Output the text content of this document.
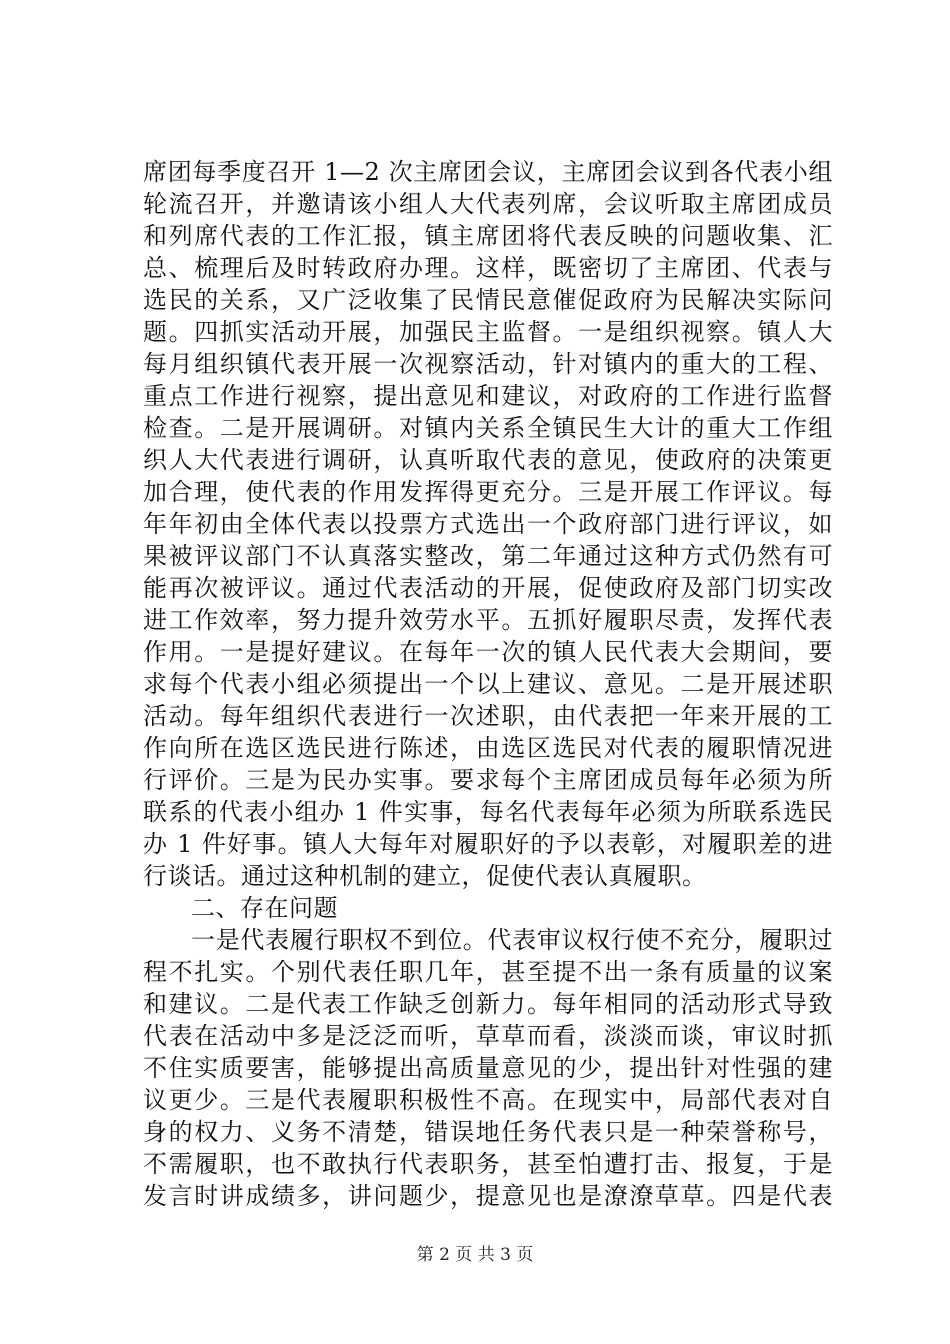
席团每季度召开 1—2 次主席团会议，主席团会议到各代表小组
轮流召开，并邀请该小组人大代表列席，会议听取主席团成员
和列席代表的工作汇报，镇主席团将代表反映的问题收集、汇
总、梳理后及时转政府办理。这样，既密切了主席团、代表与
选民的关系，又广泛收集了民情民意催促政府为民解决实际问
题。四抓实活动开展，加强民主监督。一是组织视察。镇人大
每月组织镇代表开展一次视察活动，针对镇内的重大的工程、
重点工作进行视察，提出意见和建议，对政府的工作进行监督
检查。二是开展调研。对镇内关系全镇民生大计的重大工作组
织人大代表进行调研，认真听取代表的意见，使政府的决策更
加合理，使代表的作用发挥得更充分。三是开展工作评议。每
年年初由全体代表以投票方式选出一个政府部门进行评议，如
果被评议部门不认真落实整改，第二年通过这种方式仍然有可
能再次被评议。通过代表活动的开展，促使政府及部门切实改
进工作效率，努力提升效劳水平。五抓好履职尽责，发挥代表
作用。一是提好建议。在每年一次的镇人民代表大会期间，要
求每个代表小组必须提出一个以上建议、意见。二是开展述职
活动。每年组织代表进行一次述职，由代表把一年来开展的工
作向所在选区选民进行陈述，由选区选民对代表的履职情况进
行评价。三是为民办实事。要求每个主席团成员每年必须为所
联系的代表小组办 1 件实事，每名代表每年必须为所联系选民
办 1 件好事。镇人大每年对履职好的予以表彰，对履职差的进
行谈话。通过这种机制的建立，促使代表认真履职。
二、存在问题
一是代表履行职权不到位。代表审议权行使不充分，履职过
程不扎实。个别代表任职几年，甚至提不出一条有质量的议案
和建议。二是代表工作缺乏创新力。每年相同的活动形式导致
代表在活动中多是泛泛而听，草草而看，淡淡而谈，审议时抓
不住实质要害，能够提出高质量意见的少，提出针对性强的建
议更少。三是代表履职积极性不高。在现实中，局部代表对自
身的权力、义务不清楚，错误地任务代表只是一种荣誉称号，
不需履职，也不敢执行代表职务，甚至怕遭打击、报复，于是
发言时讲成绩多，讲问题少，提意见也是潦潦草草。四是代表
第 2 页 共 3 页
